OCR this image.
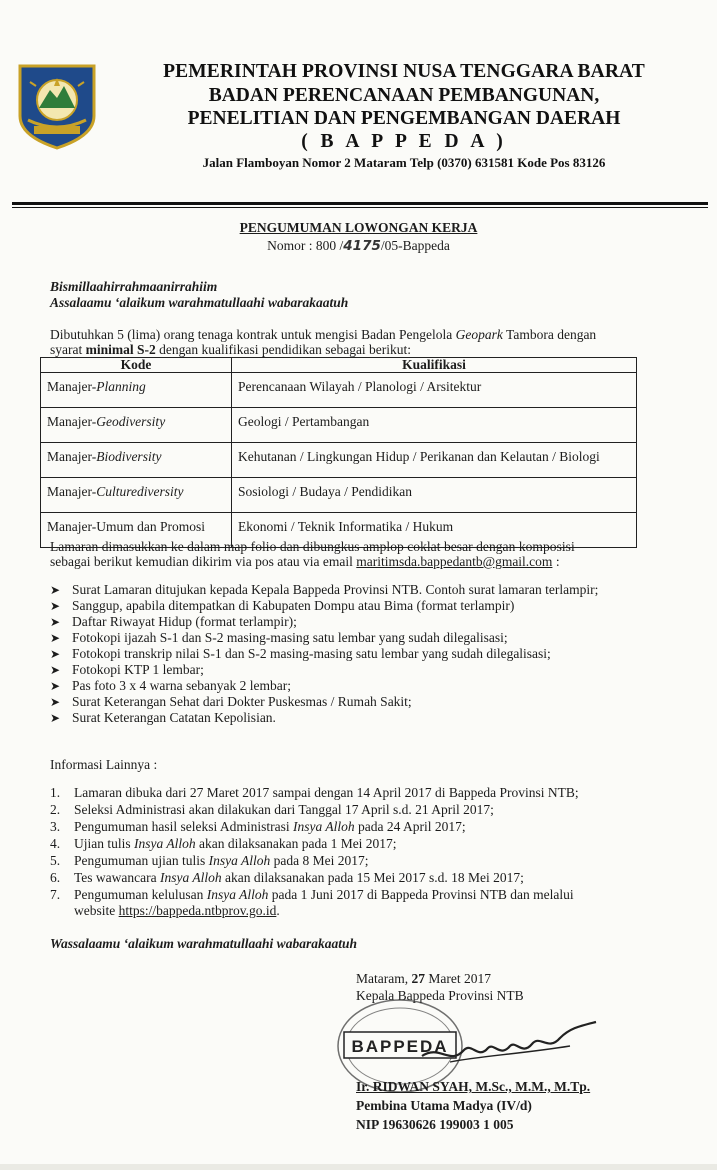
PEMERINTAH PROVINSI NUSA TENGGARA BARAT
BADAN PERENCANAAN PEMBANGUNAN,
PENELITIAN DAN PENGEMBANGAN DAERAH
( B A P P E D A )
Jalan Flamboyan Nomor 2 Mataram Telp (0370) 631581 Kode Pos 83126
PENGUMUMAN LOWONGAN KERJA
Nomor : 800 /4175/05-Bappeda
Bismillaahirrahmaanirrahiim
Assalaamu ‘alaikum warahmatullaahi wabarakaatuh
Dibutuhkan 5 (lima) orang tenaga kontrak untuk mengisi Badan Pengelola Geopark Tambora dengan
syarat minimal S-2 dengan kualifikasi pendidikan sebagai berikut:
Kode	Kualifikasi
Manajer-Planning	Perencanaan Wilayah / Planologi / Arsitektur
Manajer-Geodiversity	Geologi / Pertambangan
Manajer-Biodiversity	Kehutanan / Lingkungan Hidup / Perikanan dan Kelautan / Biologi
Manajer-Culturediversity	Sosiologi / Budaya / Pendidikan
Manajer-Umum dan Promosi	Ekonomi / Teknik Informatika / Hukum
Lamaran dimasukkan ke dalam map folio dan dibungkus amplop coklat besar dengan komposisi
sebagai berikut kemudian dikirim via pos atau via email maritimsda.bappedantb@gmail.com :
➤ Surat Lamaran ditujukan kepada Kepala Bappeda Provinsi NTB. Contoh surat lamaran terlampir;
➤ Sanggup, apabila ditempatkan di Kabupaten Dompu atau Bima (format terlampir)
➤ Daftar Riwayat Hidup (format terlampir);
➤ Fotokopi ijazah S-1 dan S-2 masing-masing satu lembar yang sudah dilegalisasi;
➤ Fotokopi transkrip nilai S-1 dan S-2 masing-masing satu lembar yang sudah dilegalisasi;
➤ Fotokopi KTP 1 lembar;
➤ Pas foto 3 x 4 warna sebanyak 2 lembar;
➤ Surat Keterangan Sehat dari Dokter Puskesmas / Rumah Sakit;
➤ Surat Keterangan Catatan Kepolisian.
Informasi Lainnya :
1. Lamaran dibuka dari 27 Maret 2017 sampai dengan 14 April 2017 di Bappeda Provinsi NTB;
2. Seleksi Administrasi akan dilakukan dari Tanggal 17 April s.d. 21 April 2017;
3. Pengumuman hasil seleksi Administrasi Insya Alloh pada 24 April 2017;
4. Ujian tulis Insya Alloh akan dilaksanakan pada 1 Mei 2017;
5. Pengumuman ujian tulis Insya Alloh pada 8 Mei 2017;
6. Tes wawancara Insya Alloh akan dilaksanakan pada 15 Mei 2017 s.d. 18 Mei 2017;
7. Pengumuman kelulusan Insya Alloh pada 1 Juni 2017 di Bappeda Provinsi NTB dan melalui
website https://bappeda.ntbprov.go.id.
Wassalaamu ‘alaikum warahmatullaahi wabarakaatuh
Mataram, 27 Maret 2017
Kepala Bappeda Provinsi NTB
BAPPEDA
Ir. RIDWAN SYAH, M.Sc., M.M., M.Tp.
Pembina Utama Madya (IV/d)
NIP 19630626 199003 1 005
